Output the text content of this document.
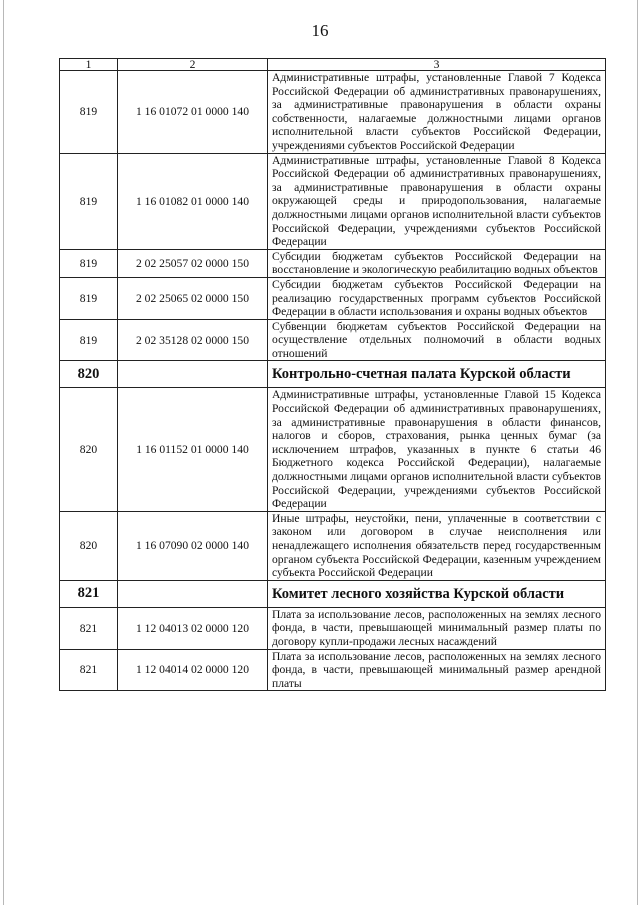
16
1	2	3
819	1 16 01072 01 0000 140	Административные штрафы, установленные Главой 7 Кодекса Российской Федерации об административных правонарушениях, за административные правонарушения в области охраны собственности, налагаемые должностными лицами органов исполнительной власти субъектов Российской Федерации, учреждениями субъектов Российской Федерации
819	1 16 01082 01 0000 140	Административные штрафы, установленные Главой 8 Кодекса Российской Федерации об административных правонарушениях, за административные правонарушения в области охраны окружающей среды и природопользования, налагаемые должностными лицами органов исполнительной власти субъектов Российской Федерации, учреждениями субъектов Российской Федерации
819	2 02 25057 02 0000 150	Субсидии бюджетам субъектов Российской Федерации на восстановление и экологическую реабилитацию водных объектов
819	2 02 25065 02 0000 150	Субсидии бюджетам субъектов Российской Федерации на реализацию государственных программ субъектов Российской Федерации в области использования и охраны водных объектов
819	2 02 35128 02 0000 150	Субвенции бюджетам субъектов Российской Федерации на осуществление отдельных полномочий в области водных отношений
820		Контрольно-счетная палата Курской области
820	1 16 01152 01 0000 140	Административные штрафы, установленные Главой 15 Кодекса Российской Федерации об административных правонарушениях, за административные правонарушения в области финансов, налогов и сборов, страхования, рынка ценных бумаг (за исключением штрафов, указанных в пункте 6 статьи 46 Бюджетного кодекса Российской Федерации), налагаемые должностными лицами органов исполнительной власти субъектов Российской Федерации, учреждениями субъектов Российской Федерации
820	1 16 07090 02 0000 140	Иные штрафы, неустойки, пени, уплаченные в соответствии с законом или договором в случае неисполнения или ненадлежащего исполнения обязательств перед государственным органом субъекта Российской Федерации, казенным учреждением субъекта Российской Федерации
821		Комитет лесного хозяйства Курской области
821	1 12 04013 02 0000 120	Плата за использование лесов, расположенных на землях лесного фонда, в части, превышающей минимальный размер платы по договору купли-продажи лесных насаждений
821	1 12 04014 02 0000 120	Плата за использование лесов, расположенных на землях лесного фонда, в части, превышающей минимальный размер арендной платы
